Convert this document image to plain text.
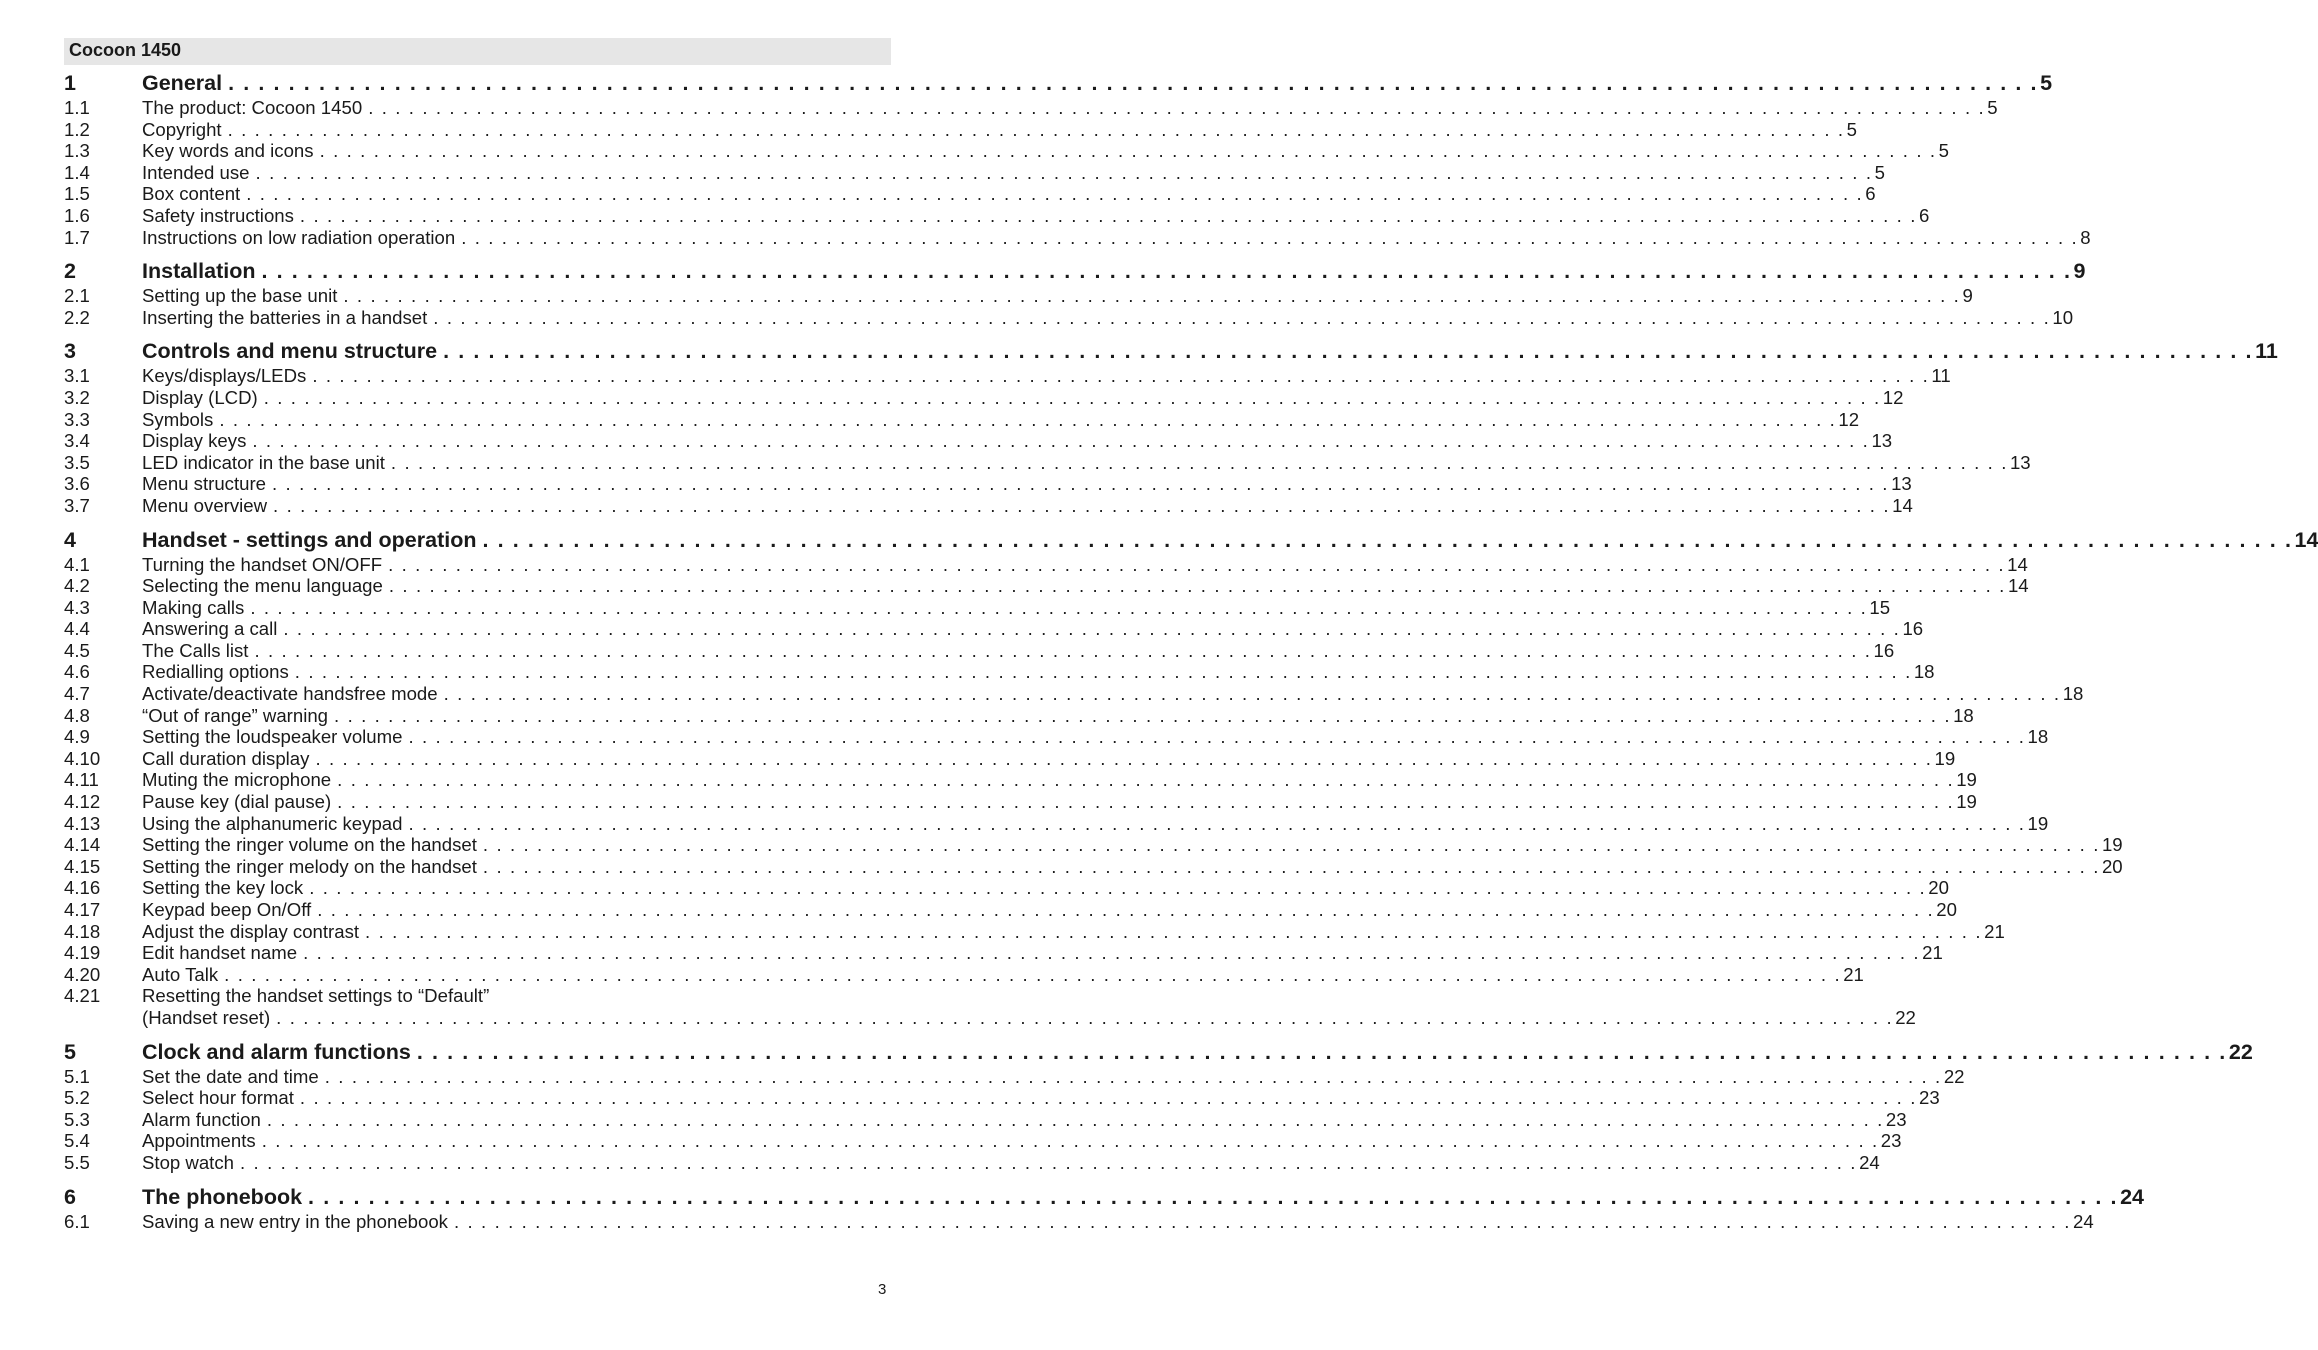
Cocoon 1450
1	General . . . . . . . . . . . . . . . . . . . . . . . . . . . . . . . . . . . . . . . . . . . . . . . . . . . . . . . . . . . . . . . . . . . . . . . . . . . . . . . . . . . . . . . . . . . . . . . . . . . . . . . . . . . . . . . . . . . . . . . . 5
1.1	The product: Cocoon 1450 . . . . . . . . . . . . . . . . . . . . . . . . . . . . . . . . . . . . . . . . . . . . . . . . . . . . . . . . . . . . . . . . . . . . . . . . . . . . . . . . . . . . . . . . . . . . . . . . . . . . . . . . . . . . . . . . . . . . . . . . 5
1.2	Copyright . . . . . . . . . . . . . . . . . . . . . . . . . . . . . . . . . . . . . . . . . . . . . . . . . . . . . . . . . . . . . . . . . . . . . . . . . . . . . . . . . . . . . . . . . . . . . . . . . . . . . . . . . . . . . . . . . . . . . . . . 5
1.3	Key words and icons . . . . . . . . . . . . . . . . . . . . . . . . . . . . . . . . . . . . . . . . . . . . . . . . . . . . . . . . . . . . . . . . . . . . . . . . . . . . . . . . . . . . . . . . . . . . . . . . . . . . . . . . . . . . . . . . . . . . . . . . 5
1.4	Intended use . . . . . . . . . . . . . . . . . . . . . . . . . . . . . . . . . . . . . . . . . . . . . . . . . . . . . . . . . . . . . . . . . . . . . . . . . . . . . . . . . . . . . . . . . . . . . . . . . . . . . . . . . . . . . . . . . . . . . . . . 5
1.5	Box content . . . . . . . . . . . . . . . . . . . . . . . . . . . . . . . . . . . . . . . . . . . . . . . . . . . . . . . . . . . . . . . . . . . . . . . . . . . . . . . . . . . . . . . . . . . . . . . . . . . . . . . . . . . . . . . . . . . . . . . . 6
1.6	Safety instructions . . . . . . . . . . . . . . . . . . . . . . . . . . . . . . . . . . . . . . . . . . . . . . . . . . . . . . . . . . . . . . . . . . . . . . . . . . . . . . . . . . . . . . . . . . . . . . . . . . . . . . . . . . . . . . . . . . . . . . . . 6
1.7	Instructions on low radiation operation . . . . . . . . . . . . . . . . . . . . . . . . . . . . . . . . . . . . . . . . . . . . . . . . . . . . . . . . . . . . . . . . . . . . . . . . . . . . . . . . . . . . . . . . . . . . . . . . . . . . . . . . . . . . . . . . . . . . . . . . 8
2	Installation . . . . . . . . . . . . . . . . . . . . . . . . . . . . . . . . . . . . . . . . . . . . . . . . . . . . . . . . . . . . . . . . . . . . . . . . . . . . . . . . . . . . . . . . . . . . . . . . . . . . . . . . . . . . . . . . . . . . . . . . 9
2.1	Setting up the base unit . . . . . . . . . . . . . . . . . . . . . . . . . . . . . . . . . . . . . . . . . . . . . . . . . . . . . . . . . . . . . . . . . . . . . . . . . . . . . . . . . . . . . . . . . . . . . . . . . . . . . . . . . . . . . . . . . . . . . . . . 9
2.2	Inserting the batteries in a handset . . . . . . . . . . . . . . . . . . . . . . . . . . . . . . . . . . . . . . . . . . . . . . . . . . . . . . . . . . . . . . . . . . . . . . . . . . . . . . . . . . . . . . . . . . . . . . . . . . . . . . . . . . . . . . . . . . . . . . . . 10
3	Controls and menu structure . . . . . . . . . . . . . . . . . . . . . . . . . . . . . . . . . . . . . . . . . . . . . . . . . . . . . . . . . . . . . . . . . . . . . . . . . . . . . . . . . . . . . . . . . . . . . . . . . . . . . . . . . . . . . . . . . . . . . . . . 11
3.1	Keys/displays/LEDs . . . . . . . . . . . . . . . . . . . . . . . . . . . . . . . . . . . . . . . . . . . . . . . . . . . . . . . . . . . . . . . . . . . . . . . . . . . . . . . . . . . . . . . . . . . . . . . . . . . . . . . . . . . . . . . . . . . . . . . . 11
3.2	Display (LCD) . . . . . . . . . . . . . . . . . . . . . . . . . . . . . . . . . . . . . . . . . . . . . . . . . . . . . . . . . . . . . . . . . . . . . . . . . . . . . . . . . . . . . . . . . . . . . . . . . . . . . . . . . . . . . . . . . . . . . . . . 12
3.3	Symbols . . . . . . . . . . . . . . . . . . . . . . . . . . . . . . . . . . . . . . . . . . . . . . . . . . . . . . . . . . . . . . . . . . . . . . . . . . . . . . . . . . . . . . . . . . . . . . . . . . . . . . . . . . . . . . . . . . . . . . . . 12
3.4	Display keys . . . . . . . . . . . . . . . . . . . . . . . . . . . . . . . . . . . . . . . . . . . . . . . . . . . . . . . . . . . . . . . . . . . . . . . . . . . . . . . . . . . . . . . . . . . . . . . . . . . . . . . . . . . . . . . . . . . . . . . . 13
3.5	LED indicator in the base unit . . . . . . . . . . . . . . . . . . . . . . . . . . . . . . . . . . . . . . . . . . . . . . . . . . . . . . . . . . . . . . . . . . . . . . . . . . . . . . . . . . . . . . . . . . . . . . . . . . . . . . . . . . . . . . . . . . . . . . . . 13
3.6	Menu structure . . . . . . . . . . . . . . . . . . . . . . . . . . . . . . . . . . . . . . . . . . . . . . . . . . . . . . . . . . . . . . . . . . . . . . . . . . . . . . . . . . . . . . . . . . . . . . . . . . . . . . . . . . . . . . . . . . . . . . . . 13
3.7	Menu overview . . . . . . . . . . . . . . . . . . . . . . . . . . . . . . . . . . . . . . . . . . . . . . . . . . . . . . . . . . . . . . . . . . . . . . . . . . . . . . . . . . . . . . . . . . . . . . . . . . . . . . . . . . . . . . . . . . . . . . . . 14
4	Handset - settings and operation . . . . . . . . . . . . . . . . . . . . . . . . . . . . . . . . . . . . . . . . . . . . . . . . . . . . . . . . . . . . . . . . . . . . . . . . . . . . . . . . . . . . . . . . . . . . . . . . . . . . . . . . . . . . . . . . . . . . . . . . 14
4.1	Turning the handset ON/OFF . . . . . . . . . . . . . . . . . . . . . . . . . . . . . . . . . . . . . . . . . . . . . . . . . . . . . . . . . . . . . . . . . . . . . . . . . . . . . . . . . . . . . . . . . . . . . . . . . . . . . . . . . . . . . . . . . . . . . . . . 14
4.2	Selecting the menu language . . . . . . . . . . . . . . . . . . . . . . . . . . . . . . . . . . . . . . . . . . . . . . . . . . . . . . . . . . . . . . . . . . . . . . . . . . . . . . . . . . . . . . . . . . . . . . . . . . . . . . . . . . . . . . . . . . . . . . . . 14
4.3	Making calls . . . . . . . . . . . . . . . . . . . . . . . . . . . . . . . . . . . . . . . . . . . . . . . . . . . . . . . . . . . . . . . . . . . . . . . . . . . . . . . . . . . . . . . . . . . . . . . . . . . . . . . . . . . . . . . . . . . . . . . . 15
4.4	Answering a call . . . . . . . . . . . . . . . . . . . . . . . . . . . . . . . . . . . . . . . . . . . . . . . . . . . . . . . . . . . . . . . . . . . . . . . . . . . . . . . . . . . . . . . . . . . . . . . . . . . . . . . . . . . . . . . . . . . . . . . . 16
4.5	The Calls list . . . . . . . . . . . . . . . . . . . . . . . . . . . . . . . . . . . . . . . . . . . . . . . . . . . . . . . . . . . . . . . . . . . . . . . . . . . . . . . . . . . . . . . . . . . . . . . . . . . . . . . . . . . . . . . . . . . . . . . . 16
4.6	Redialling options . . . . . . . . . . . . . . . . . . . . . . . . . . . . . . . . . . . . . . . . . . . . . . . . . . . . . . . . . . . . . . . . . . . . . . . . . . . . . . . . . . . . . . . . . . . . . . . . . . . . . . . . . . . . . . . . . . . . . . . . 18
4.7	Activate/deactivate handsfree mode . . . . . . . . . . . . . . . . . . . . . . . . . . . . . . . . . . . . . . . . . . . . . . . . . . . . . . . . . . . . . . . . . . . . . . . . . . . . . . . . . . . . . . . . . . . . . . . . . . . . . . . . . . . . . . . . . . . . . . . . 18
4.8	“Out of range” warning . . . . . . . . . . . . . . . . . . . . . . . . . . . . . . . . . . . . . . . . . . . . . . . . . . . . . . . . . . . . . . . . . . . . . . . . . . . . . . . . . . . . . . . . . . . . . . . . . . . . . . . . . . . . . . . . . . . . . . . . 18
4.9	Setting the loudspeaker volume . . . . . . . . . . . . . . . . . . . . . . . . . . . . . . . . . . . . . . . . . . . . . . . . . . . . . . . . . . . . . . . . . . . . . . . . . . . . . . . . . . . . . . . . . . . . . . . . . . . . . . . . . . . . . . . . . . . . . . . . 18
4.10	Call duration display . . . . . . . . . . . . . . . . . . . . . . . . . . . . . . . . . . . . . . . . . . . . . . . . . . . . . . . . . . . . . . . . . . . . . . . . . . . . . . . . . . . . . . . . . . . . . . . . . . . . . . . . . . . . . . . . . . . . . . . . 19
4.11	Muting the microphone . . . . . . . . . . . . . . . . . . . . . . . . . . . . . . . . . . . . . . . . . . . . . . . . . . . . . . . . . . . . . . . . . . . . . . . . . . . . . . . . . . . . . . . . . . . . . . . . . . . . . . . . . . . . . . . . . . . . . . . . 19
4.12	Pause key (dial pause) . . . . . . . . . . . . . . . . . . . . . . . . . . . . . . . . . . . . . . . . . . . . . . . . . . . . . . . . . . . . . . . . . . . . . . . . . . . . . . . . . . . . . . . . . . . . . . . . . . . . . . . . . . . . . . . . . . . . . . . . 19
4.13	Using the alphanumeric keypad . . . . . . . . . . . . . . . . . . . . . . . . . . . . . . . . . . . . . . . . . . . . . . . . . . . . . . . . . . . . . . . . . . . . . . . . . . . . . . . . . . . . . . . . . . . . . . . . . . . . . . . . . . . . . . . . . . . . . . . . 19
4.14	Setting the ringer volume on the handset . . . . . . . . . . . . . . . . . . . . . . . . . . . . . . . . . . . . . . . . . . . . . . . . . . . . . . . . . . . . . . . . . . . . . . . . . . . . . . . . . . . . . . . . . . . . . . . . . . . . . . . . . . . . . . . . . . . . . . . . 19
4.15	Setting the ringer melody on the handset . . . . . . . . . . . . . . . . . . . . . . . . . . . . . . . . . . . . . . . . . . . . . . . . . . . . . . . . . . . . . . . . . . . . . . . . . . . . . . . . . . . . . . . . . . . . . . . . . . . . . . . . . . . . . . . . . . . . . . . . 20
4.16	Setting the key lock . . . . . . . . . . . . . . . . . . . . . . . . . . . . . . . . . . . . . . . . . . . . . . . . . . . . . . . . . . . . . . . . . . . . . . . . . . . . . . . . . . . . . . . . . . . . . . . . . . . . . . . . . . . . . . . . . . . . . . . . 20
4.17	Keypad beep On/Off . . . . . . . . . . . . . . . . . . . . . . . . . . . . . . . . . . . . . . . . . . . . . . . . . . . . . . . . . . . . . . . . . . . . . . . . . . . . . . . . . . . . . . . . . . . . . . . . . . . . . . . . . . . . . . . . . . . . . . . . 20
4.18	Adjust the display contrast . . . . . . . . . . . . . . . . . . . . . . . . . . . . . . . . . . . . . . . . . . . . . . . . . . . . . . . . . . . . . . . . . . . . . . . . . . . . . . . . . . . . . . . . . . . . . . . . . . . . . . . . . . . . . . . . . . . . . . . . 21
4.19	Edit handset name . . . . . . . . . . . . . . . . . . . . . . . . . . . . . . . . . . . . . . . . . . . . . . . . . . . . . . . . . . . . . . . . . . . . . . . . . . . . . . . . . . . . . . . . . . . . . . . . . . . . . . . . . . . . . . . . . . . . . . . . 21
4.20	Auto Talk . . . . . . . . . . . . . . . . . . . . . . . . . . . . . . . . . . . . . . . . . . . . . . . . . . . . . . . . . . . . . . . . . . . . . . . . . . . . . . . . . . . . . . . . . . . . . . . . . . . . . . . . . . . . . . . . . . . . . . . . 21
4.21	Resetting the handset settings to “Default”
(Handset reset) . . . . . . . . . . . . . . . . . . . . . . . . . . . . . . . . . . . . . . . . . . . . . . . . . . . . . . . . . . . . . . . . . . . . . . . . . . . . . . . . . . . . . . . . . . . . . . . . . . . . . . . . . . . . . . . . . . . . . . . . 22
5	Clock and alarm functions . . . . . . . . . . . . . . . . . . . . . . . . . . . . . . . . . . . . . . . . . . . . . . . . . . . . . . . . . . . . . . . . . . . . . . . . . . . . . . . . . . . . . . . . . . . . . . . . . . . . . . . . . . . . . . . . . . . . . . . . 22
5.1	Set the date and time . . . . . . . . . . . . . . . . . . . . . . . . . . . . . . . . . . . . . . . . . . . . . . . . . . . . . . . . . . . . . . . . . . . . . . . . . . . . . . . . . . . . . . . . . . . . . . . . . . . . . . . . . . . . . . . . . . . . . . . . 22
5.2	Select hour format . . . . . . . . . . . . . . . . . . . . . . . . . . . . . . . . . . . . . . . . . . . . . . . . . . . . . . . . . . . . . . . . . . . . . . . . . . . . . . . . . . . . . . . . . . . . . . . . . . . . . . . . . . . . . . . . . . . . . . . . 23
5.3	Alarm function . . . . . . . . . . . . . . . . . . . . . . . . . . . . . . . . . . . . . . . . . . . . . . . . . . . . . . . . . . . . . . . . . . . . . . . . . . . . . . . . . . . . . . . . . . . . . . . . . . . . . . . . . . . . . . . . . . . . . . . . 23
5.4	Appointments . . . . . . . . . . . . . . . . . . . . . . . . . . . . . . . . . . . . . . . . . . . . . . . . . . . . . . . . . . . . . . . . . . . . . . . . . . . . . . . . . . . . . . . . . . . . . . . . . . . . . . . . . . . . . . . . . . . . . . . . 23
5.5	Stop watch . . . . . . . . . . . . . . . . . . . . . . . . . . . . . . . . . . . . . . . . . . . . . . . . . . . . . . . . . . . . . . . . . . . . . . . . . . . . . . . . . . . . . . . . . . . . . . . . . . . . . . . . . . . . . . . . . . . . . . . . 24
6	The phonebook . . . . . . . . . . . . . . . . . . . . . . . . . . . . . . . . . . . . . . . . . . . . . . . . . . . . . . . . . . . . . . . . . . . . . . . . . . . . . . . . . . . . . . . . . . . . . . . . . . . . . . . . . . . . . . . . . . . . . . . . 24
6.1	Saving a new entry in the phonebook . . . . . . . . . . . . . . . . . . . . . . . . . . . . . . . . . . . . . . . . . . . . . . . . . . . . . . . . . . . . . . . . . . . . . . . . . . . . . . . . . . . . . . . . . . . . . . . . . . . . . . . . . . . . . . . . . . . . . . . . 24
3
